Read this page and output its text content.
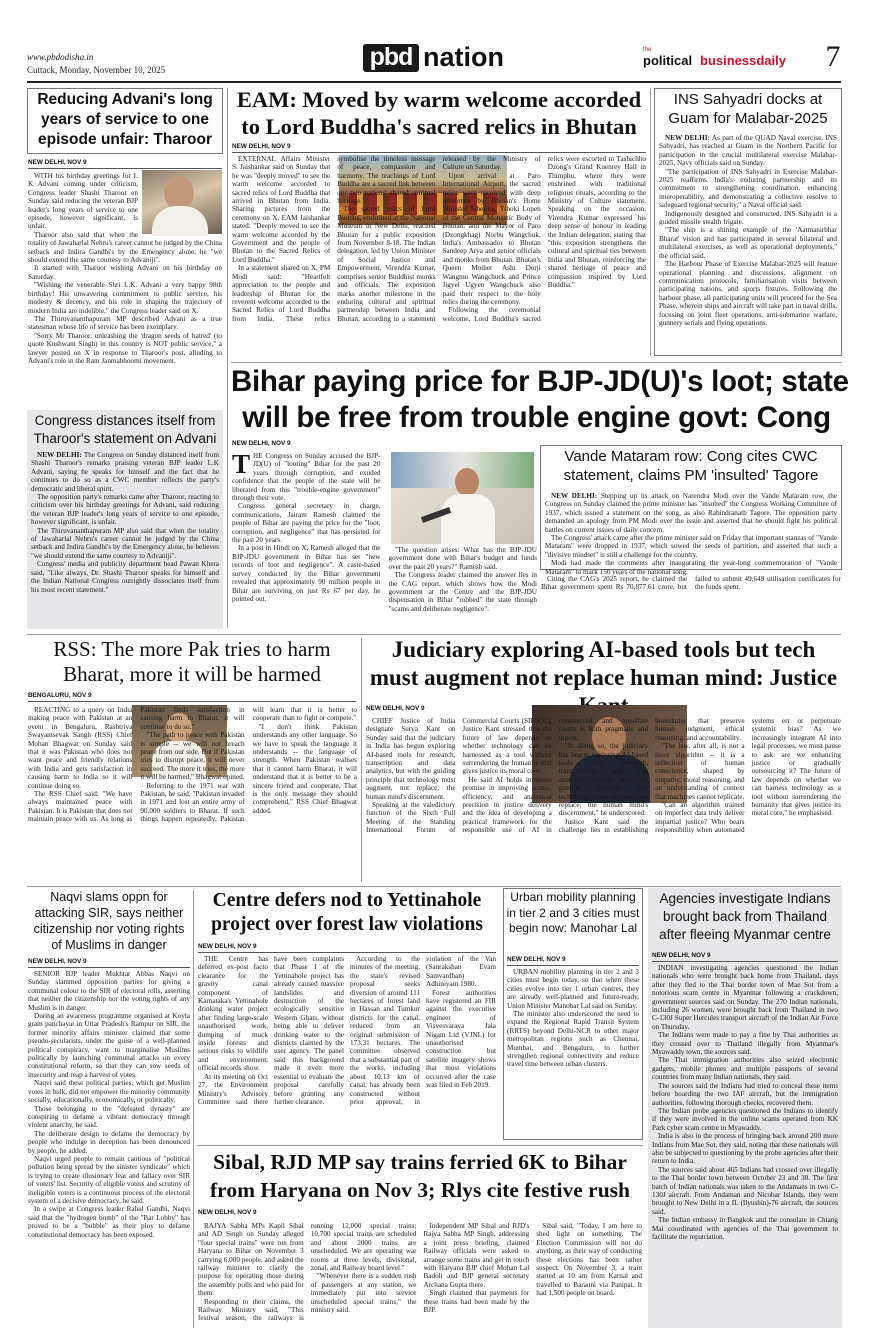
www.pbdodisha.in
Cuttack, Monday, November 10, 2025	pbd nation	the
political businessdaily 7
Reducing Advani's long years of service to one episode unfair: Tharoor
NEW DELHI, NOV 9

WITH his birthday greetings for L K Advani coming under criticism, Congress leader Shashi Tharoor on Sunday said reducing the veteran BJP leader's long years of service to one episode, however significant, is unfair.

Tharoor also said that when the totality of Jawaharlal Nehru's career cannot be judged by the China setback and Indira Gandhi's by the Emergency alone, he "we should extend the same courtesy to Advaniji".

It started with Tharoor wishing Advani on his birthday on Saturday.

"Wishing the venerable Shri L.K. Advani a very happy 98th birthday! His unwavering commitment to public service, his modesty & decency, and his role in shaping the trajectory of modern India are indelible," the Congress leader said on X.

The Thiruvananthapuram MP described Advani as a true statesman whose life of service has been exemplary.

"Sorry Mr Tharoor, unleashing the 'dragon seeds of hatred' (to quote Kushwant Singh) in this country is NOT public service," a lawyer posted on X in response to Tharoor's post, alluding to Advani's role in the Ram Janmabhoomi movement.

Congress distances itself from Tharoor's statement on Advani

NEW DELHI: The Congress on Sunday distanced itself from Shashi Tharoor's remarks praising veteran BJP leader L.K Advani, saying he speaks for himself and the fact that he continues to do so as a CWC member reflects the party's democratic and liberal spirit.

The opposition party's remarks came after Tharoor, reacting to criticism over his birthday greetings for Advani, said reducing the veteran BJP leader's long years of service to one episode, however significant, is unfair.

The Thiruvananthapuram MP also said that when the totality of Jawaharlal Nehru's career cannot be judged by the China setback and Indira Gandhi's by the Emergency alone, he believes "we should extend the same courtesy to Advaniji".

Congress' media and publicity department head Pawan Khera said, "Like always, Dr. Shashi Tharoor speaks for himself and the Indian National Congress outrightly dissociates itself from his most recent statement."

EAM: Moved by warm welcome accorded to Lord Buddha's sacred relics in Bhutan
NEW DELHI, NOV 9

EXTERNAL Affairs Minister S. Jaishankar said on Sunday that he was "deeply moved" to see the warm welcome accorded to sacred relics of Lord Buddha that arrived in Bhutan from India. Sharing pictures from the ceremony on X, EAM Jaishankar stated: "Deeply moved to see the warm welcome accorded by the Government and the people of Bhutan to the Sacred Relics of Lord Buddha."

In a statement shared on X, PM Modi said: "Heartfelt appreciation to the people and leadership of Bhutan for the reverent welcome accorded to the Sacred Relics of Lord Buddha from India. These relics symbolise the timeless message of peace, compassion and harmony. The teachings of Lord Buddha are a sacred link between our two nations' shared spiritual heritage."

The sacred relics of Lord Buddha, enshrined at the National Museum in New Delhi, reached Bhutan for a public exposition from November 8-18. The Indian delegation, led by Union Minister of Social Justice and Empowerment, Virendra Kumar, comprises senior Buddhist monks and officials. The exposition marks another milestone in the enduring cultural and spiritual partnership between India and Bhutan, according to a statement released by the Ministry of Culture on Saturday.

Upon arrival at Paro International Airport, the sacred relics were received with deep reverence by Bhutan's Home Minister Tshering, Tshoki Lopen of the Central Monastic Body of Bhutan, and the Mayor of Paro (Dzongkhag) Norbu Wangchuk, India's Ambassador to Bhutan Sandeep Arya and senior officials and monks from Bhutan. Bhutan's Queen Mother Ashi Dorji Wangmo Wangchuck and Prince Jigyel Ugyen Wangchuck also paid their respect to the holy relics during the ceremony.

Following the ceremonial welcome, Lord Buddha's sacred relics were escorted to Tashichho Dzong's Grand Kuenrey Hall in Thimphu, where they were enshrined with traditional religious rituals, according to the Ministry of Culture statement. Speaking on the occasion, Virendra Kumar expressed his deep sense of honour in leading the Indian delegation, stating that "this exposition strengthens the cultural and spiritual ties between India and Bhutan, reinforcing the shared heritage of peace and compassion inspired by Lord Buddha."

INS Sahyadri docks at Guam for Malabar-2025

NEW DELHI: As part of the QUAD Naval exercise, INS Sahyadri, has reached at Guam in the Northern Pacific for participation in the crucial multilateral exercise Malabar-2025, Navy officials said on Sunday.

"The participation of INS Sahyadri in Exercise Malabar-2025 reaffirms India's enduring partnership and its commitment to strengthening coordination, enhancing interoperability, and demonstrating a collective resolve to safeguard regional security," a Naval official said.

Indigenously designed and constructed, INS Sahyadri is a guided missile stealth frigate.

"The ship is a shining example of the 'Aatmanirbhar Bharat' vision and has participated in several bilateral and multilateral exercises, as well as operational deployments," the official said.

The Harbour Phase of Exercise Malabar-2025 will feature operational planning and discussions, alignment on communication protocols, familiarisation visits between participating nations, and sports fixtures. Following the harbour phase, all participating units will proceed for the Sea Phase, wherein ships and aircraft will take part in naval drills, focusing on joint fleet operations, anti-submarine warfare, gunnery serials and flying operations.

Bihar paying price for BJP-JD(U)'s loot; state
will be free from trouble engine govt: Cong
NEW DELHI, NOV 9

THE Congress on Sunday accused the BJP-JD(U) of "looting" Bihar for the past 20 years through corruption, and exuded confidence that the people of the state will be liberated from this "trouble-engine government" through their vote.

Congress general secretary in charge, communications, Jairam Ramesh claimed the people of Bihar are paying the price for the "loot, corruption, and negligence" that has persisted for the past 20 years.

In a post in Hindi on X, Ramesh alleged that the BJP-JDU government in Bihar has set "new records of loot and negligence". A caste-based survey conducted by the Bihar government revealed that approximately 90 million people in Bihar are surviving on just Rs 67 per day, he pointed out.

"The question arises: What has the BJP-JDU government done with Bihar's budget and funds over the past 20 years?" Ramesh said.

The Congress leader claimed the answer lies in the CAG report, which shows how the Modi government at the Centre and the BJP-JDU dispensation in Bihar "robbed" the state through "scams and deliberate negligence".

Citing the CAG's 2025 report, he claimed the Bihar government spent Rs 70,877.61 crore, but failed to submit 49,649 utilisation certificates for the funds spent.

Vande Mataram row: Cong cites CWC statement, claims PM 'insulted' Tagore

NEW DELHI: Stepping up its attack on Narendra Modi over the Vande Mataram row, the Congress on Sunday claimed the prime minister has "insulted" the Congress Working Committee of 1937, which issued a statement on the song, as also Rabindranath Tagore. The opposition party demanded an apology from PM Modi over the issue and asserted that he should fight his political battles on current issues of daily concern.

The Congress' attack came after the prime minister said on Friday that important stanzas of "Vande Mataram" were dropped in 1937, which sowed the seeds of partition, and asserted that such a "divisive mindset" is still a challenge for the country.

Modi had made the comments after inaugurating the year-long commemoration of "Vande Mataram" to mark 150 years of the national song.

RSS: The more Pak tries to harm Bharat, more it will be harmed
BENGALURU, NOV 9

REACTING to a query on India making peace with Pakistan at an event in Bengaluru, Rashtriya Swayamsevak Sangh (RSS) Chief Mohan Bhagwat on Sunday said that it was Pakistan who does not want peace and friendly relations with India and gets satisfaction in causing harm to India so it will continue doing so.

The RSS Chief said: "We have always maintained peace with Pakistan. It is Pakistan that does not maintain peace with us. As long as Pakistan finds satisfaction in causing harm to Bharat, it will continue to do so."

"The path to peace with Pakistan is simple -- we will not breach peace from our side. But if Pakistan tries to disrupt peace, it will never succeed. The more it tries, the more it will be harmed," Bhagwat opined.

Referring to the 1971 war with Pakistan, he said, "Pakistan invaded in 1971 and lost an entire army of 90,000 soldiers to Bharat. If such things happen repeatedly, Pakistan will learn that it is better to cooperate than to fight or compete."

"I don't think Pakistan understands any other language. So we have to speak the language it understands -- the language of strength. When Pakistan realises that it cannot harm Bharat, it will understand that it is better to be a sincere friend and cooperate. That is the only message they should comprehend," RSS Chief Bhagwat added.

Judiciary exploring AI-based tools but tech must augment not replace human mind: Justice
NEW DELHI, NOV 9

CHIEF Justice of India designate Surya Kant on Sunday said that the judiciary in India has begun exploring AI-based tools for research, transcription and data analytics, but with the guiding principle that technology must augment, not replace, the human mind's discernment.

Speaking at the valedictory function of the Sixth Full Meeting of the Standing International Forum of Commercial Courts (SIFoCC), Justice Kant stressed that the future of law depends on whether technology can be harnessed as a tool without surrendering the humanity that gives justice its moral core.

He said AI holds immense promise in improving access, efficiency, and analytical precision in justice delivery and the idea of developing a practical framework for the responsible use of AI in commercial and appellate courts is both pragmatic and urgent.

"In doing so, the judiciary has begun exploring AI-based tools for research, transcription, and data analytics, always with the guiding principle that technology must augment, not replace, the human mind's discernment," he underscored.

Justice Kant said the challenge lies in establishing boundaries that preserve human judgment, ethical reasoning, and accountability.

"The law, after all, is not a mere algorithm -- it is a reflection of human conscience, shaped by empathy, moral reasoning, and an understanding of context that machines cannot replicate.

"Can an algorithm trained on imperfect data truly deliver impartial justice? Who bears responsibility when automated systems err or perpetuate systemic bias? As we increasingly integrate AI into legal processes, we must pause to ask: are we enhancing justice or gradually outsourcing it? The future of law depends on whether we can harness technology as a tool without surrendering the humanity that gives justice its moral core," he emphasised.

Naqvi slams oppn for attacking SIR, says neither citizenship nor voting rights of Muslims in danger
NEW DELHI, NOV 9

SENIOR BJP leader Mukhtar Abbas Naqvi on Sunday slammed opposition parties for giving a communal colour to the SIR of electoral rolls, asserting that neither the citizenship nor the voting rights of any Muslim is in danger.

During an awareness programme organised at Koyla gram panchayat in Uttar Pradesh's Rampur on SIR, the former minority affairs minister claimed that some pseudo-secularists, under the guise of a well-planned political conspiracy, want to marginalise Muslims politically by launching communal attacks on every constitutional reform, so that they can sow seeds of insecurity and reap a harvest of votes.

Naqvi said these political parties, which get Muslim votes in bulk, did not empower the minority community socially, educationally, economically, or politically.

Those belonging to the "defeated dynasty" are conspiring to defame a vibrant democracy through violent anarchy, he said.

The deliberate design to defame the democracy by people who indulge in deception has been denounced by people, he added.

Naqvi urged people to remain cautious of "political pollution being spread by the sinister syndicate" which is trying to create illusionary fear and fallacy over SIR of voters' list. Security of eligible voters and scrutiny of ineligible voters is a continuous process of the electoral system of a decisive democracy, he said.

In a swipe at Congress leader Rahul Gandhi, Naqvi said that the "hydrogen bomb" of the "Bar Lobby" has proved to be a "bubble" as their ploy to defame constitutional democracy has been exposed.

Centre defers nod to Yettinahole project over forest law violations
NEW DELHI, NOV 9

THE Centre has deferred ex-post facto clearance for the gravity canal component of Karnataka's Yettinahole drinking water project after finding large-scale unauthorised work, dumping of muck inside forests and serious risks to wildlife and environment, official records show.

At its meeting on Oct 27, the Environment Ministry's Advisory Committee said there have been complaints that Phase I of the Yettinahole project has already caused massive landslides and destruction of the ecologically sensitive Western Ghats, without being able to deliver drinking water to the districts claimed by the user agency. The panel said this background made it even more essential to evaluate the proposal carefully before granting any further clearance.

According to the minutes of the meeting, the state's revised proposal seeks diversion of around 111 hectares of forest land in Hassan and Tumkur districts for the canal, reduced from an original submission of 173.31 hectares. The committee observed that a substantial part of the works, including about 10.13 km of canal, has already been constructed without prior approval, in violation of the Van (Sanrakshan Evam Samvardhan) Adhiniyam 1980.

Forest authorities have registered an FIR against the executive engineer of Visvesvaraya Jala Nigam Ltd (VJNL) for unauthorised construction but satellite imagery shows that most violations occurred after the case was filed in Feb 2019.

Urban mobility planning in tier 2 and 3 cities must begin now: Manohar Lal
NEW DELHI, NOV 9

URBAN mobility planning in tier 2 and 3 cities must begin today, so that when these cities evolve into tier 1 urban centres, they are already well-planned and future-ready, Union Minister Manohar Lal said on Sunday.

The minister also underscored the need to expand the Regional Rapid Transit System (RRTS) beyond Delhi-NCR to other major metropolitan regions such as Chennai, Mumbai, and Bengaluru, to further strengthen regional connectivity and reduce travel time between urban clusters.

Agencies investigate Indians brought back from Thailand after fleeing Myanmar centre
NEW DELHI, NOV 9

INDIAN investigating agencies questioned the Indian nationals who were brought back home from Thailand, days after they fled to the Thai border town of Mae Sot from a notorious scam centre in Myanmar following a crackdown, government sources said on Sunday. The 270 Indian nationals, including 26 women, were brought back from Thailand in two C-130J Super Hercules transport aircraft of the Indian Air Force on Thursday.

The Indians were made to pay a fine by Thai authorities as they crossed over to Thailand illegally from Myanmar's Myawaddy town, the sources said.

The Thai immigration authorities also seized electronic gadgets, mobile phones and multiple passports of several countries from many Indian nationals, they said.

The sources said the Indians had tried to conceal these items before boarding the two IAF aircraft, but the immigration authorities, following thorough checks, recovered them.

The Indian probe agencies questioned the Indians to identify if they were involved in the online scams operated from KK Park cyber scam centre in Myawaddy.

India is also in the process of bringing back around 200 more Indians from Mae Sot, they said, noting that these nationals will also be subjected to questioning by the probe agencies after their return to India.

The sources said about 465 Indians had crossed over illegally to the Thai border town between October 23 and 30. The first batch of Indian nationals was taken to the Andamans in two C-130J aircraft. From Andaman and Nicobar Islands, they were brought to New Delhi in a IL (Ilyushin)-76 aircraft, the sources said.

The Indian embassy in Bangkok and the consulate in Chiang Mai coordinated with agencies of the Thai government to facilitate the repatriation.

Sibal, RJD MP say trains ferried 6K to Bihar from Haryana on Nov 3; Rlys cite festive rush
NEW DELHI, NOV 9

RAJYA Sabha MPs Kapil Sibal and AD Singh on Sunday alleged "four special trains" were run from Haryana to Bihar on November 3 carrying 6,000 people, and asked the railway minister to clarify the purpose for operating those during the assembly polls and who paid for them.

Responding to their claims, the Railway Ministry said, "This festival season, the railways is running 12,000 special trains; 10,700 special trains are scheduled and about 2000 trains are unscheduled. We are operating war rooms at three levels, divisional, zonal, and Railway board level."

"Whenever there is a sudden rush of passengers at any station, we immediately put into service unscheduled special trains," the ministry said.

Independent MP Sibal and RJD's Rajya Sabha MP Singh, addressing a joint press briefing, claimed Railway officials were asked to arrange some trains and get in touch with Haryana BJP chief Mohan Lal Badoli and BJP general secretary Archana Gupta there.

Singh claimed that payments for these trains had been made by the BJP.

Sibal said, "Today, I am here to shed light on something. The Election Commission will not do anything, as their way of conducting these elections has been rather suspect. On November 3, a train started at 10 am from Karnal and travelled to Barauni via Panipat. It had 1,500 people on board.
